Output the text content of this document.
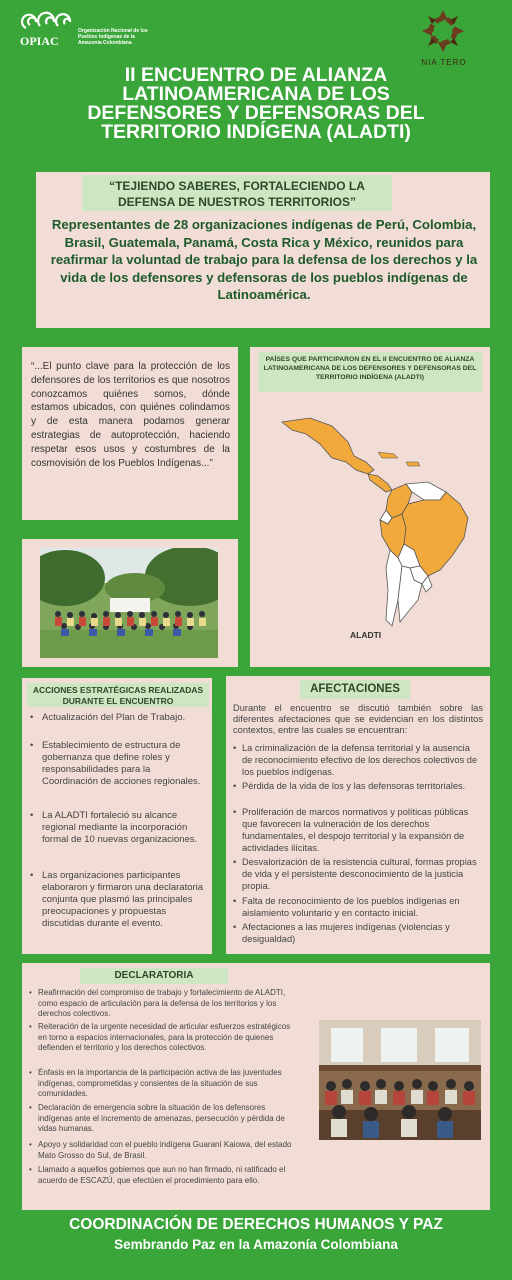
OPIAC
Organización Nacional de los
Pueblos Indígenas de la
Amazonía Colombiana
NIA TERO
II ENCUENTRO DE ALIANZA LATINOAMERICANA DE LOS DEFENSORES Y DEFENSORAS DEL TERRITORIO INDÍGENA (ALADTI)
“TEJIENDO SABERES, FORTALECIENDO LA
DEFENSA DE NUESTROS TERRITORIOS”
Representantes de 28 organizaciones indígenas de Perú, Colombia, Brasil, Guatemala, Panamá, Costa Rica y México, reunidos para reafirmar la voluntad de trabajo para la defensa de los derechos y la vida de los defensores y defensoras de los pueblos indígenas de Latinoamérica.
“...El punto clave para la protección de los defensores de los territorios es que nosotros conozcamos quiénes somos, dónde estamos ubicados, con quiénes colindamos y de esta manera podamos generar estrategias de autoprotección, haciendo respetar esos usos y costumbres de la cosmovisión de los Pueblos Indígenas...”
PAÍSES QUE PARTICIPARON EN EL II ENCUENTRO DE ALIANZA LATINOAMERICANA DE LOS DEFENSORES Y DEFENSORAS DEL TERRITORIO INDÍGENA (ALADTI)
ALADTI
ACCIONES ESTRATÉGICAS REALIZADAS
DURANTE EL ENCUENTRO
• Actualización del Plan de Trabajo.
• Establecimiento de estructura de gobernanza que define roles y responsabilidades para la Coordinación de acciones regionales.
• La ALADTI fortaleció su alcance regional mediante la incorporación formal de 10 nuevas organizaciones.
• Las organizaciones participantes elaboraron y firmaron una declaratoria conjunta que plasmó las principales preocupaciones y propuestas discutidas durante el evento.
AFECTACIONES
Durante el encuentro se discutió también sobre las diferentes afectaciones que se evidencian en los distintos contextos, entre las cuales se encuentran:
• La criminalización de la defensa territorial y la ausencia de reconocimiento efectivo de los derechos colectivos de los pueblos indígenas.
• Pérdida de la vida de los y las defensoras territoriales.
• Proliferación de marcos normativos y políticas públicas que favorecen la vulneración de los derechos fundamentales, el despojo territorial y la expansión de actividades ilícitas.
• Desvalorización de la resistencia cultural, formas propias de vida y el persistente desconocimiento de la justicia propia.
• Falta de reconocimiento de los pueblos indígenas en aislamiento voluntario y en contacto inicial.
• Afectaciones a las mujeres indígenas (violencias y desigualdad)
DECLARATORIA
• Reafirmación del compromiso de trabajo y fortalecimiento de ALADTI, como espacio de articulación para la defensa de los territorios y los derechos colectivos.
• Reiteración de la urgente necesidad de articular esfuerzos estratégicos en torno a espacios internacionales, para la protección de quienes defienden el territorio y los derechos colectivos.
• Énfasis en la importancia de la participación activa de las juventudes indígenas, comprometidas y consientes de la situación de sus comunidades.
• Declaración de emergencia sobre la situación de los defensores indígenas ante el incremento de amenazas, persecución y pérdida de vidas humanas.
• Apoyo y solidaridad con el pueblo indígena Guaraní Kaiowa, del estado Mato Grosso do Sul, de Brasil.
• Llamado a aquellos gobiernos que aun no han firmado, ni ratificado el acuerdo de ESCAZÚ, que efectúen el procedimiento para ello.
COORDINACIÓN DE DERECHOS HUMANOS Y PAZ
Sembrando Paz en la Amazonía Colombiana
